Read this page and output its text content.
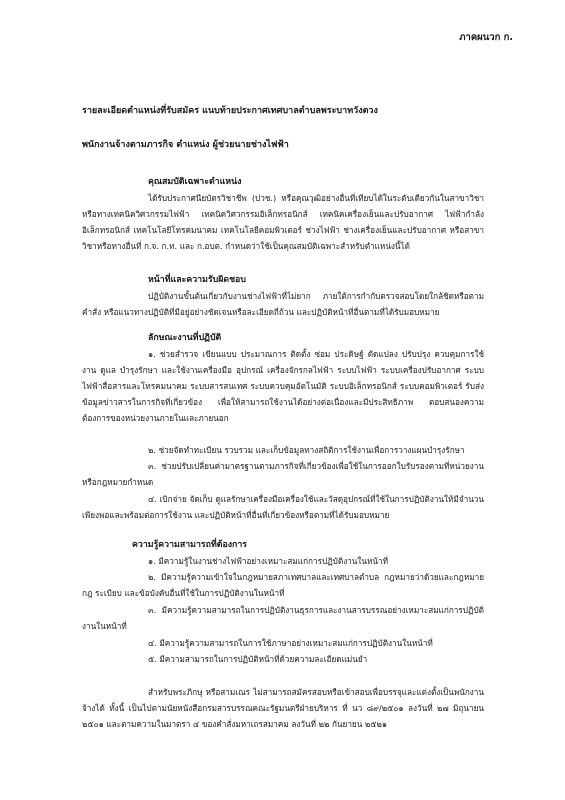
ภาคผนวก ก.
รายละเอียดตำแหน่งที่รับสมัคร แนบท้ายประกาศเทศบาลตำบลพระบาทวังตวง
พนักงานจ้างตามภารกิจ ตำแหน่ง ผู้ช่วยนายช่างไฟฟ้า
คุณสมบัติเฉพาะตำแหน่ง
ได้รับประกาศนียบัตรวิชาชีพ (ปวช.) หรือคุณวุฒิอย่างอื่นที่เทียบได้ในระดับเดียวกันในสาขาวิชาหรือทางเทคนิควิศวกรรมไฟฟ้า เทคนิควิศวกรรมอิเล็กทรอนิกส์ เทคนิคเครื่องเย็นและปรับอากาศ ไฟฟ้ากำลังอิเล็กทรอนิกส์ เทคโนโลยีโทรคมนาคม เทคโนโลยีคอมพิวเตอร์ ช่างไฟฟ้า ช่างเครื่องเย็นและปรับอากาศ หรือสาขาวิชาหรือทางอื่นที่ ก.จ. ก.ท. และ ก.อบต. กำหนดว่าใช้เป็นคุณสมบัติเฉพาะสำหรับตำแหน่งนี้ได้
หน้าที่และความรับผิดชอบ
ปฏิบัติงานขั้นต้นเกี่ยวกับงานช่างไฟฟ้าที่ไม่ยาก ภายใต้การกำกับตรวจสอบโดยใกล้ชิดหรือตามคำสั่ง หรือแนวทางปฏิบัติที่มีอยู่อย่างชัดเจนหรือละเอียดถี่ถ้วน และปฏิบัติหน้าที่อื่นตามที่ได้รับมอบหมาย
ลักษณะงานที่ปฏิบัติ
๑. ช่วยสำรวจ เขียนแบบ ประมาณการ ติดตั้ง ซ่อม ประดิษฐ์ ดัดแปลง ปรับปรุง ควบคุมการใช้งาน ดูแล บำรุงรักษา และใช้งานเครื่องมือ อุปกรณ์ เครื่องจักรกลไฟฟ้า ระบบไฟฟ้า ระบบเครื่องปรับอากาศ ระบบไฟฟ้าสื่อสารและโทรคมนาคม ระบบสารสนเทศ ระบบควบคุมอัตโนมัติ ระบบอิเล็กทรอนิกส์ ระบบคอมพิวเตอร์ รับส่งข้อมูลข่าวสารในการกิจที่เกี่ยวข้อง เพื่อให้สามารถใช้งานได้อย่างต่อเนื่องและมีประสิทธิภาพ ตอบสนองความต้องการของหน่วยงานภายในและภายนอก
๒. ช่วยจัดทำทะเบียน รวบรวม และเก็บข้อมูลทางสถิติการใช้งานเพื่อการวางแผนบำรุงรักษา
๓. ช่วยปรับเปลี่ยนค่ามาตรฐานตามภารกิจที่เกี่ยวข้องเพื่อใช้ในการออกใบรับรองตามที่หน่วยงานหรือกฎหมายกำหนด
๔. เบิกจ่าย จัดเก็บ ดูแลรักษาเครื่องมือเครื่องใช้และวัสดุอุปกรณ์ที่ใช้ในการปฏิบัติงานให้มีจำนวนเพียงพอและพร้อมต่อการใช้งาน และปฏิบัติหน้าที่อื่นที่เกี่ยวข้องหรือตามที่ได้รับมอบหมาย
ความรู้ความสามารถที่ต้องการ
๑. มีความรู้ในงานช่างไฟฟ้าอย่างเหมาะสมแก่การปฏิบัติงานในหน้าที่
๒. มีความรู้ความเข้าใจในกฎหมายสภาเทศบาลและเทศบาลตำบล กฎหมายว่าด้วยและกฎหมาย กฎ ระเบียบ และข้อบังคับอื่นที่ใช้ในการปฏิบัติงานในหน้าที่
๓. มีความรู้ความสามารถในการปฏิบัติงานธุรการและงานสารบรรณอย่างเหมาะสมแก่การปฏิบัติงานในหน้าที่
๔. มีความรู้ความสามารถในการใช้ภาษาอย่างเหมาะสมแก่การปฏิบัติงานในหน้าที่
๕. มีความสามารถในการปฏิบัติหน้าที่ด้วยความละเอียดแม่นยำ
สำหรับพระภิกษุ หรือสามเณร ไม่สามารถสมัครสอบหรือเข้าสอบเพื่อบรรจุและแต่งตั้งเป็นพนักงานจ้างได้ ทั้งนี้ เป็นไปตามนัยหนังสือกรมสารบรรณคณะรัฐมนตรีฝ่ายบริหาร ที่ นว ๘๙/๒๕๐๑ ลงวันที่ ๒๗ มิถุนายน ๒๕๐๑ และตามความในมาตรา ๔ ของคำสั่งมหาเถรสมาคม ลงวันที่ ๒๒ กันยายน ๒๕๒๑
